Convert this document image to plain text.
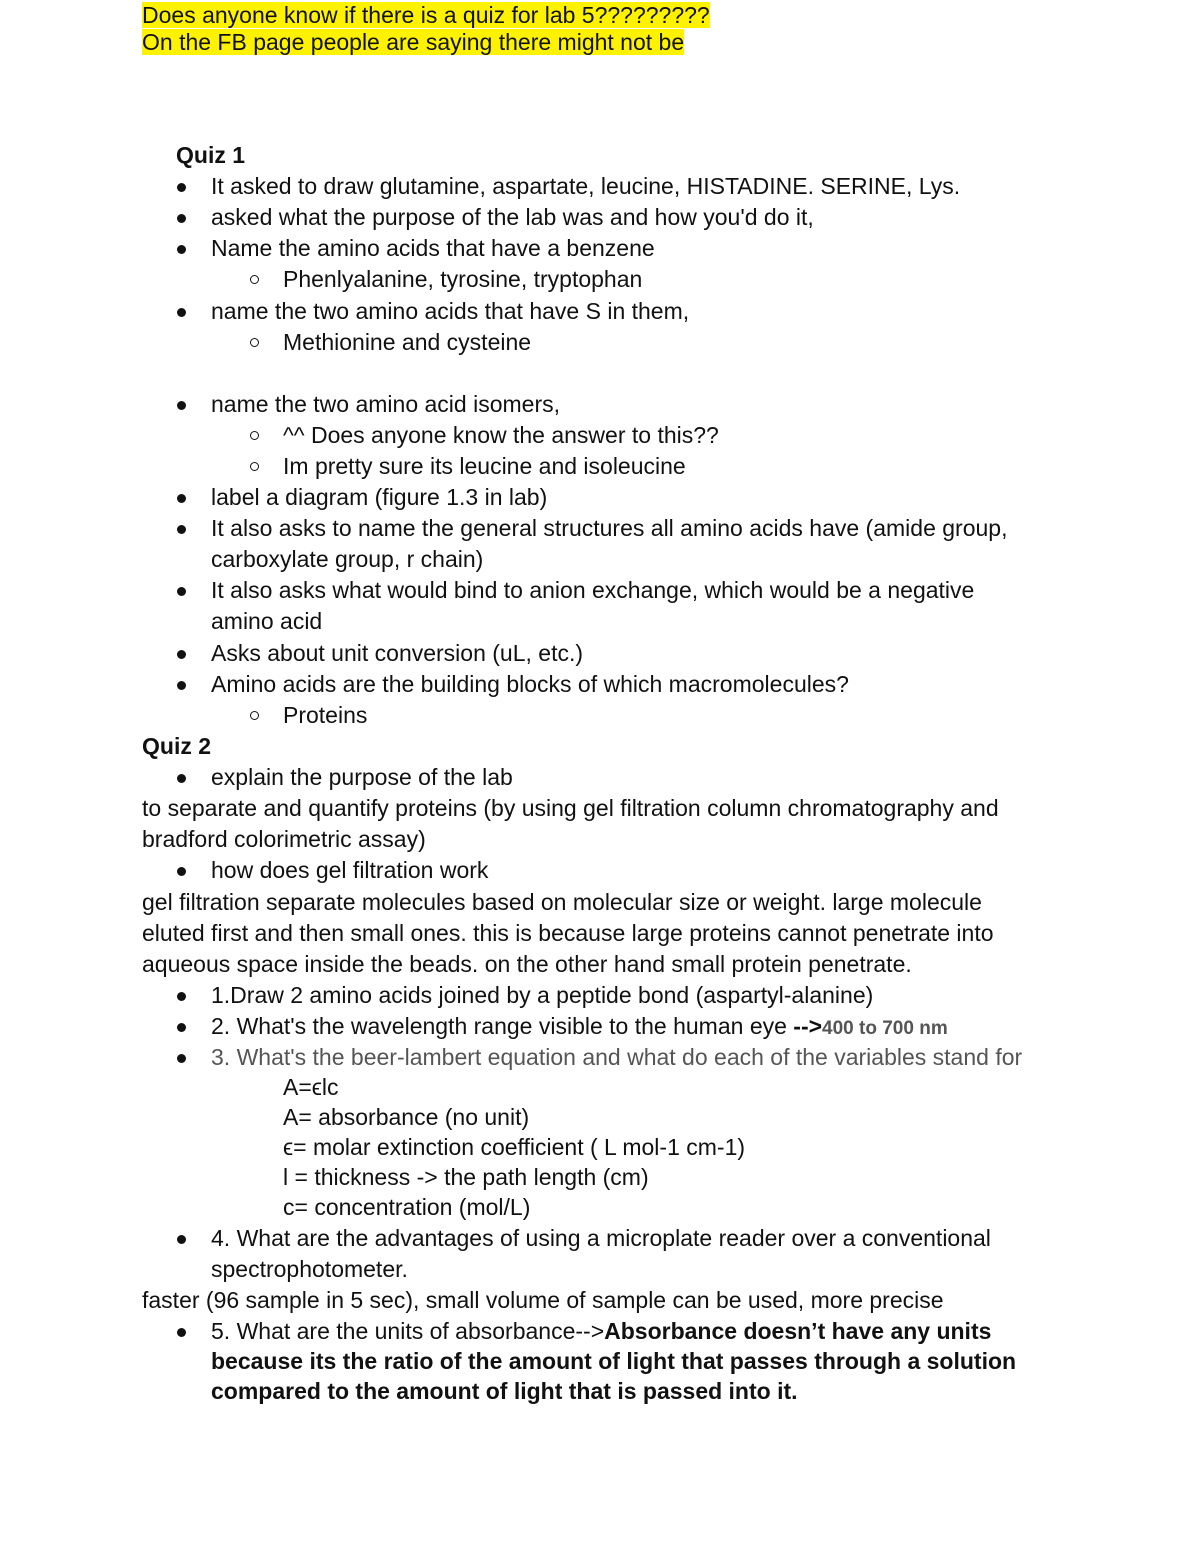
Does anyone know if there is a quiz for lab 5?????????
On the FB page people are saying there might not be
Quiz 1
It asked to draw glutamine, aspartate, leucine, HISTADINE. SERINE, Lys.
asked what the purpose of the lab was and how you'd do it,
Name the amino acids that have a benzene
Phenlyalanine, tyrosine, tryptophan
name the two amino acids that have S in them,
Methionine and cysteine
name the two amino acid isomers,
^^ Does anyone know the answer to this??
Im pretty sure its leucine and isoleucine
label a diagram (figure 1.3 in lab)
It also asks to name the general structures all amino acids have (amide group,
carboxylate group, r chain)
It also asks what would bind to anion exchange, which would be a negative
amino acid
Asks about unit conversion (uL, etc.)
Amino acids are the building blocks of which macromolecules?
Proteins
Quiz 2
explain the purpose of the lab
to separate and quantify proteins (by using gel filtration column chromatography and
bradford colorimetric assay)
how does gel filtration work
gel filtration separate molecules based on molecular size or weight. large molecule
eluted first and then small ones. this is because large proteins cannot penetrate into
aqueous space inside the beads. on the other hand small protein penetrate.
1.Draw 2 amino acids joined by a peptide bond (aspartyl-alanine)
2. What's the wavelength range visible to the human eye -->400 to 700 nm
3. What's the beer-lambert equation and what do each of the variables stand for
A=ϵlc
A= absorbance (no unit)
ϵ= molar extinction coefficient ( L mol-1 cm-1)
l = thickness -> the path length (cm)
c= concentration (mol/L)
4. What are the advantages of using a microplate reader over a conventional
spectrophotometer.
faster (96 sample in 5 sec), small volume of sample can be used, more precise
5. What are the units of absorbance-->Absorbance doesn’t have any units
because its the ratio of the amount of light that passes through a solution
compared to the amount of light that is passed into it.
